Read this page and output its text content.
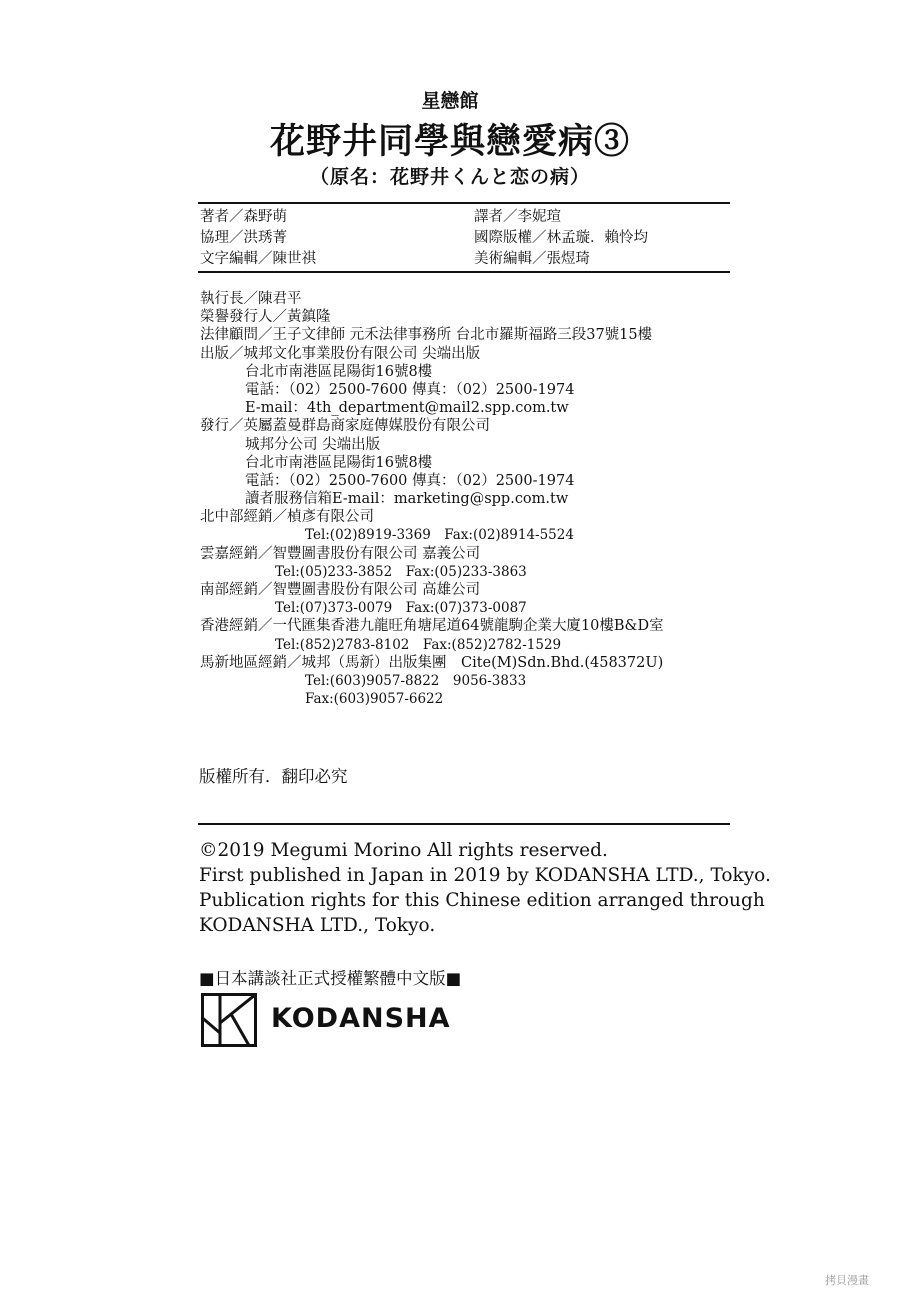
星戀館
花野井同學與戀愛病③
（原名：花野井くんと恋の病）
著者／森野萌
協理／洪琇菁
文字編輯／陳世祺
譯者／李妮瑄
國際版權／林孟璇．賴怜均
美術編輯／張煜琦
執行長／陳君平
榮譽發行人／黃鎮隆
法律顧問／王子文律師 元禾法律事務所 台北市羅斯福路三段37號15樓
出版／城邦文化事業股份有限公司 尖端出版
台北市南港區昆陽街16號8樓
電話：（02）2500-7600 傳真：（02）2500-1974
E-mail：4th_department@mail2.spp.com.tw
發行／英屬蓋曼群島商家庭傳媒股份有限公司
城邦分公司 尖端出版
台北市南港區昆陽街16號8樓
電話：（02）2500-7600 傳真：（02）2500-1974
讀者服務信箱E-mail：marketing@spp.com.tw
北中部經銷／楨彥有限公司
Tel:(02)8919-3369　Fax:(02)8914-5524
雲嘉經銷／智豐圖書股份有限公司 嘉義公司
Tel:(05)233-3852　Fax:(05)233-3863
南部經銷／智豐圖書股份有限公司 高雄公司
Tel:(07)373-0079　Fax:(07)373-0087
香港經銷／一代匯集香港九龍旺角塘尾道64號龍駒企業大廈10樓B&D室
Tel:(852)2783-8102　Fax:(852)2782-1529
馬新地區經銷／城邦（馬新）出版集團　Cite(M)Sdn.Bhd.(458372U)
Tel:(603)9057-8822　9056-3833
Fax:(603)9057-6622
版權所有．翻印必究
©2019 Megumi Morino All rights reserved.
First published in Japan in 2019 by KODANSHA LTD., Tokyo.
Publication rights for this Chinese edition arranged through
KODANSHA LTD., Tokyo.
■日本講談社正式授權繁體中文版■
KODANSHA
拷貝漫畫
